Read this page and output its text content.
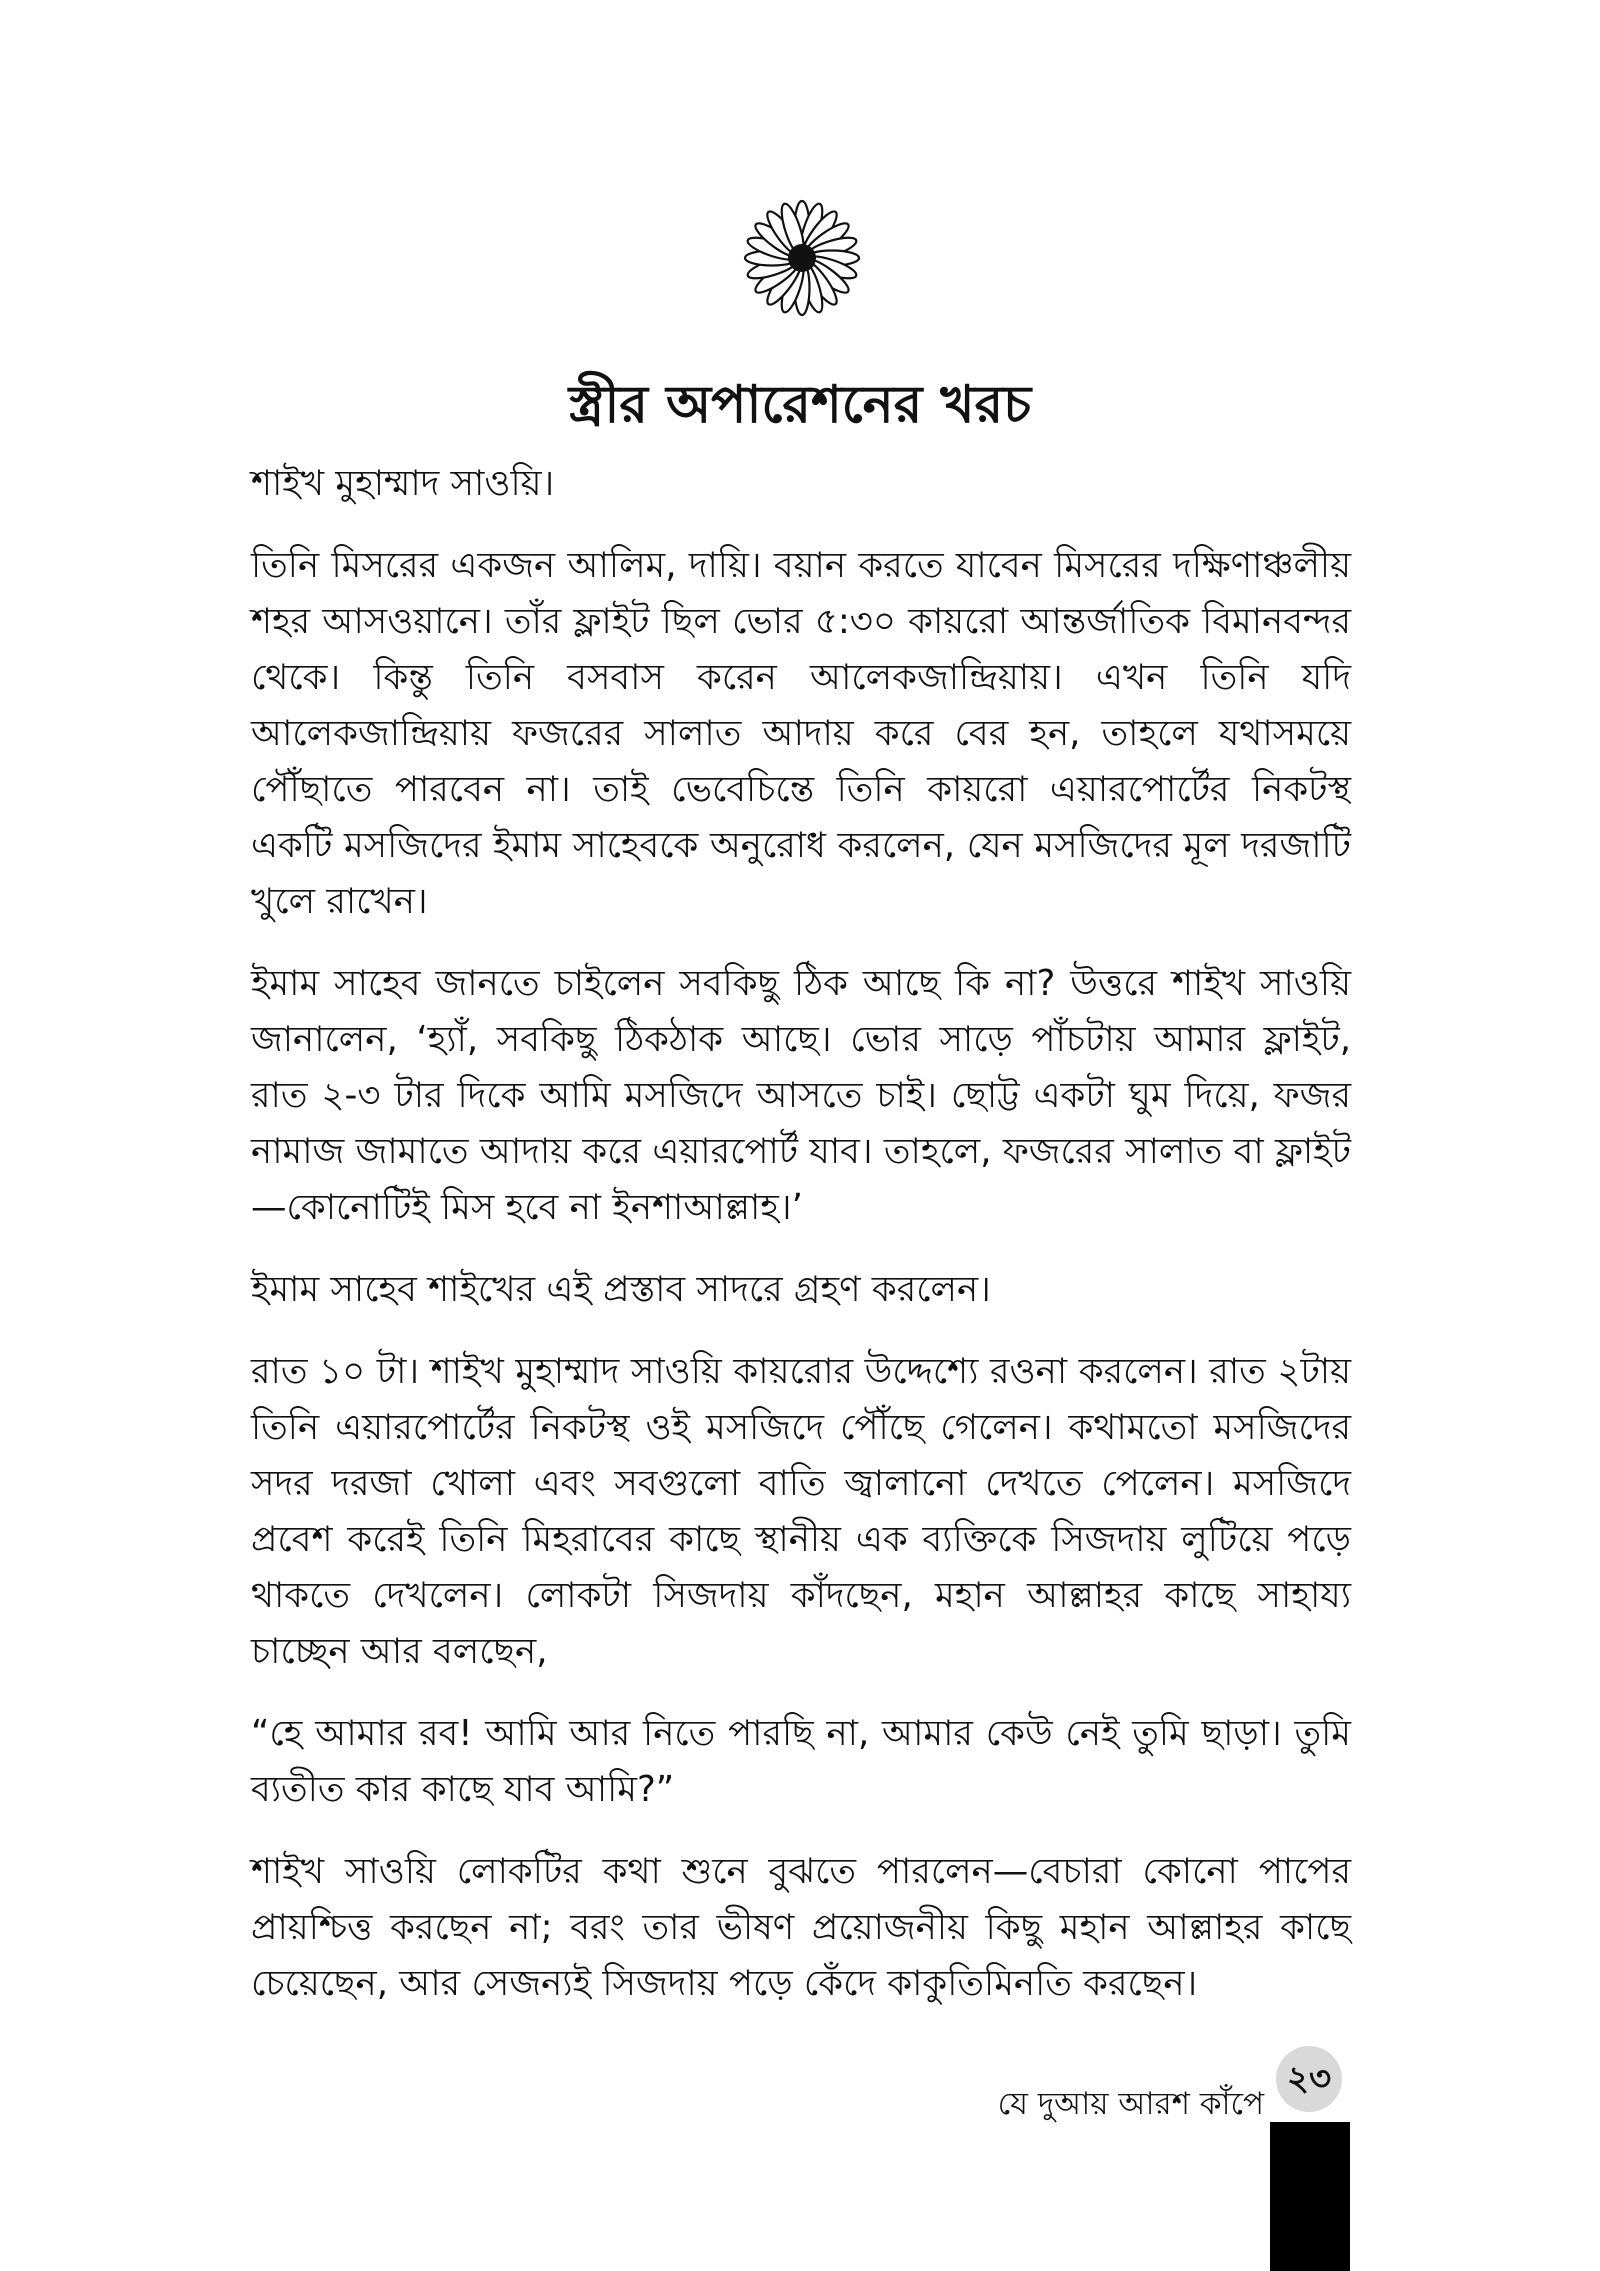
স্ত্রীর অপারেশনের খরচ

শাইখ মুহাম্মাদ সাওয়ি।

তিনি মিসরের একজন আলিম, দায়ি। বয়ান করতে যাবেন মিসরের দক্ষিণাঞ্চলীয় শহর আসওয়ানে। তাঁর ফ্লাইট ছিল ভোর ৫:৩০ কায়রো আন্তর্জাতিক বিমানবন্দর থেকে। কিন্তু তিনি বসবাস করেন আলেকজান্দ্রিয়ায়। এখন তিনি যদি আলেকজান্দ্রিয়ায় ফজরের সালাত আদায় করে বের হন, তাহলে যথাসময়ে পৌঁছাতে পারবেন না। তাই ভেবেচিন্তে তিনি কায়রো এয়ারপোর্টের নিকটস্থ একটি মসজিদের ইমাম সাহেবকে অনুরোধ করলেন, যেন মসজিদের মূল দরজাটি খুলে রাখেন।

ইমাম সাহেব জানতে চাইলেন সবকিছু ঠিক আছে কি না? উত্তরে শাইখ সাওয়ি জানালেন, ‘হ্যাঁ, সবকিছু ঠিকঠাক আছে। ভোর সাড়ে পাঁচটায় আমার ফ্লাইট, রাত ২-৩ টার দিকে আমি মসজিদে আসতে চাই। ছোট্ট একটা ঘুম দিয়ে, ফজর নামাজ জামাতে আদায় করে এয়ারপোর্ট যাব। তাহলে, ফজরের সালাত বা ফ্লাইট—কোনোটিই মিস হবে না ইনশাআল্লাহ।’

ইমাম সাহেব শাইখের এই প্রস্তাব সাদরে গ্রহণ করলেন।

রাত ১০ টা। শাইখ মুহাম্মাদ সাওয়ি কায়রোর উদ্দেশ্যে রওনা করলেন। রাত ২টায় তিনি এয়ারপোর্টের নিকটস্থ ওই মসজিদে পৌঁছে গেলেন। কথামতো মসজিদের সদর দরজা খোলা এবং সবগুলো বাতি জ্বালানো দেখতে পেলেন। মসজিদে প্রবেশ করেই তিনি মিহরাবের কাছে স্থানীয় এক ব্যক্তিকে সিজদায় লুটিয়ে পড়ে থাকতে দেখলেন। লোকটা সিজদায় কাঁদছেন, মহান আল্লাহর কাছে সাহায্য চাচ্ছেন আর বলছেন,

“হে আমার রব! আমি আর নিতে পারছি না, আমার কেউ নেই তুমি ছাড়া। তুমি ব্যতীত কার কাছে যাব আমি?”

শাইখ সাওয়ি লোকটির কথা শুনে বুঝতে পারলেন—বেচারা কোনো পাপের প্রায়শ্চিত্ত করছেন না; বরং তার ভীষণ প্রয়োজনীয় কিছু মহান আল্লাহর কাছে চেয়েছেন, আর সেজন্যই সিজদায় পড়ে কেঁদে কাকুতিমিনতি করছেন।

যে দুআয় আরশ কাঁপে
২৩
